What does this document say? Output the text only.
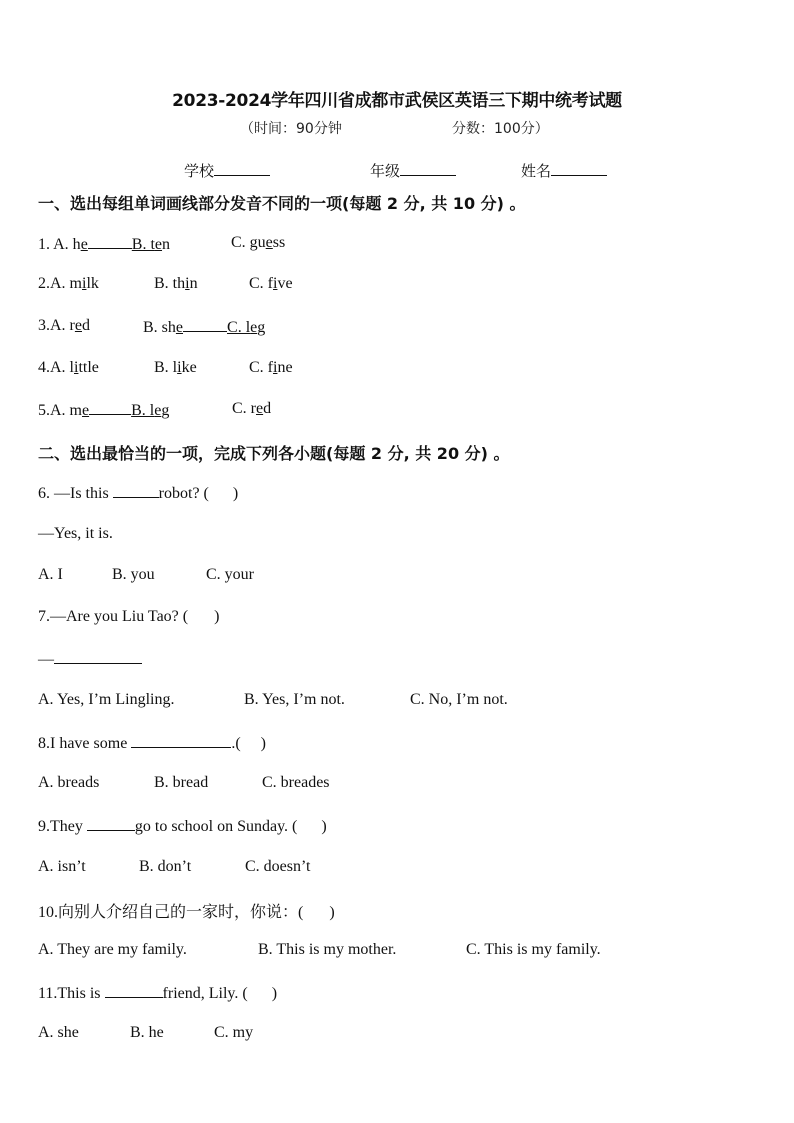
2023-2024学年四川省成都市武侯区英语三下期中统考试题
（时间：90分钟	分数：100分）
学校	年级	姓名
一、选出每组单词画线部分发音不同的一项(每题 2 分, 共 10 分) 。
1. A. he	B. ten	C. guess
2.A. milk	B. thin	C. five
3.A. red	B. she	C. leg
4.A. little	B. like	C. fine
5.A. me	B. leg	C. red
二、选出最恰当的一项，完成下列各小题(每题 2 分, 共 20 分) 。
6. —Is this	robot? ( )
—Yes, it is.
A. I	B. you	C. your
7.—Are you Liu Tao? ( )
—
A. Yes, I’m Lingling.	B. Yes, I’m not.	C. No, I’m not.
8.I have some	.( )
A. breads	B. bread	C. breades
9.They	go to school on Sunday. ( )
A. isn’t	B. don’t	C. doesn’t
10.向别人介绍自己的一家时，你说：( )
A. They are my family.	B. This is my mother.	C. This is my family.
11.This is	friend, Lily. ( )
A. she	B. he	C. my
